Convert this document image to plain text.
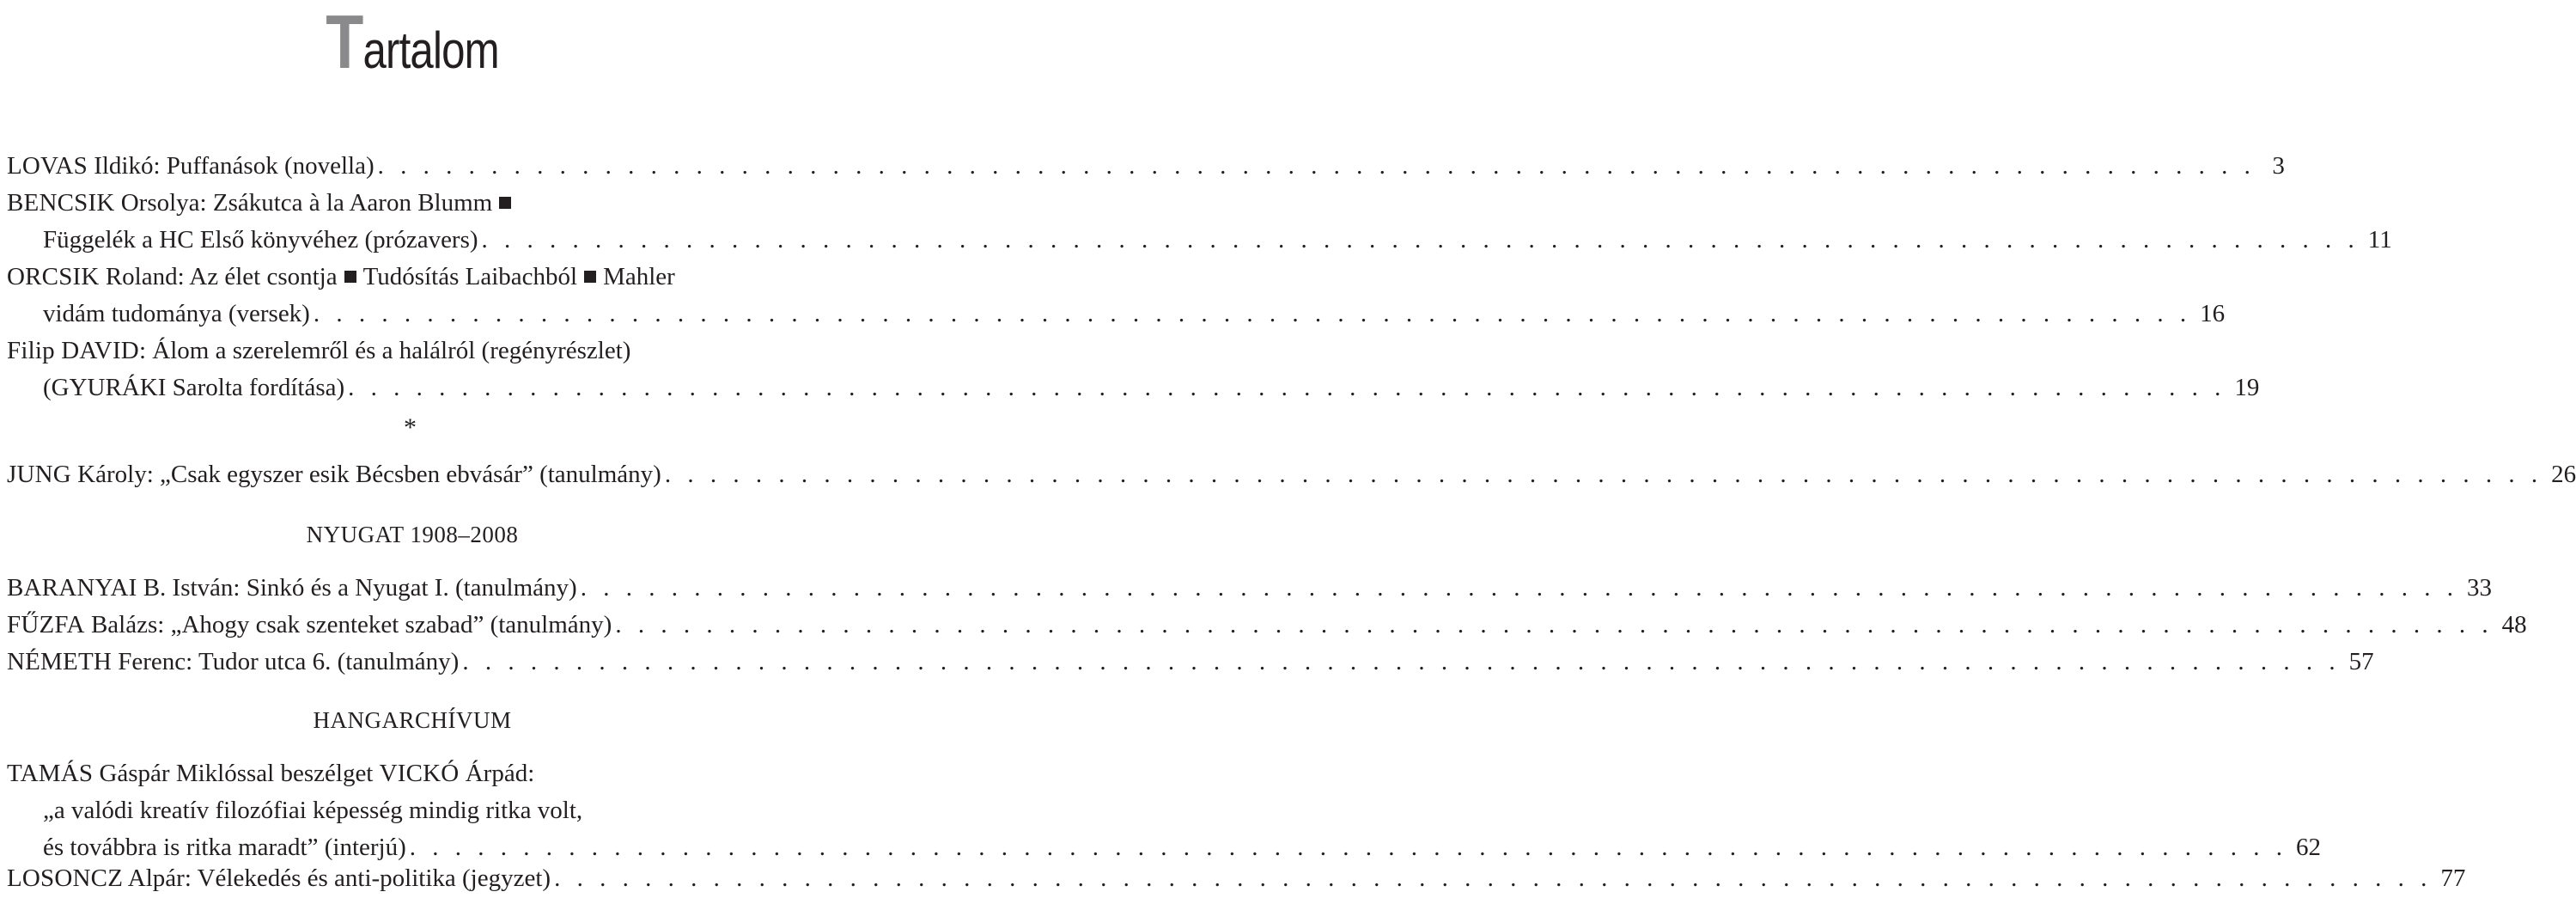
Tartalom
LOVAS Ildikó: Puffanások (novella) . . . . . . . . . . . . . . . . . . . . . . . . . . . . . . . . . . . . . . . . . . . . . . . . . . . . . . . . . . . . . . . . . . . . . . . . . . . . . . . . . . . 3
BENCSIK Orsolya: Zsákutca à la Aaron Blumm
Függelék a HC Első könyvéhez (prózavers) . . . . . . . . . . . . . . . . . . . . . . . . . . . . . . . . . . . . . . . . . . . . . . . . . . . . . . . . . . . . . . . . . . . . . . . . . . . . . . . . . . . 11
ORCSIK Roland: Az élet csontja Tudósítás Laibachból Mahler
vidám tudománya (versek) . . . . . . . . . . . . . . . . . . . . . . . . . . . . . . . . . . . . . . . . . . . . . . . . . . . . . . . . . . . . . . . . . . . . . . . . . . . . . . . . . . . 16
Filip DAVID: Álom a szerelemről és a halálról (regényrészlet)
(GYURÁKI Sarolta fordítása) . . . . . . . . . . . . . . . . . . . . . . . . . . . . . . . . . . . . . . . . . . . . . . . . . . . . . . . . . . . . . . . . . . . . . . . . . . . . . . . . . . . 19
*
JUNG Károly: „Csak egyszer esik Bécsben ebvásár” (tanulmány) . . . . . . . . . . . . . . . . . . . . . . . . . . . . . . . . . . . . . . . . . . . . . . . . . . . . . . . . . . . . . . . . . . . . . . . . . . . . . . . . . . . 26
NYUGAT 1908–2008
BARANYAI B. István: Sinkó és a Nyugat I. (tanulmány) . . . . . . . . . . . . . . . . . . . . . . . . . . . . . . . . . . . . . . . . . . . . . . . . . . . . . . . . . . . . . . . . . . . . . . . . . . . . . . . . . . . 33
FŰZFA Balázs: „Ahogy csak szenteket szabad” (tanulmány) . . . . . . . . . . . . . . . . . . . . . . . . . . . . . . . . . . . . . . . . . . . . . . . . . . . . . . . . . . . . . . . . . . . . . . . . . . . . . . . . . . . 48
NÉMETH Ferenc: Tudor utca 6. (tanulmány) . . . . . . . . . . . . . . . . . . . . . . . . . . . . . . . . . . . . . . . . . . . . . . . . . . . . . . . . . . . . . . . . . . . . . . . . . . . . . . . . . . . 57
HANGARCHÍVUM
TAMÁS Gáspár Miklóssal beszélget VICKÓ Árpád:
„a valódi kreatív filozófiai képesség mindig ritka volt,
és továbbra is ritka maradt” (interjú) . . . . . . . . . . . . . . . . . . . . . . . . . . . . . . . . . . . . . . . . . . . . . . . . . . . . . . . . . . . . . . . . . . . . . . . . . . . . . . . . . . . 62
LOSONCZ Alpár: Vélekedés és anti-politika (jegyzet) . . . . . . . . . . . . . . . . . . . . . . . . . . . . . . . . . . . . . . . . . . . . . . . . . . . . . . . . . . . . . . . . . . . . . . . . . . . . . . . . . . . 77
